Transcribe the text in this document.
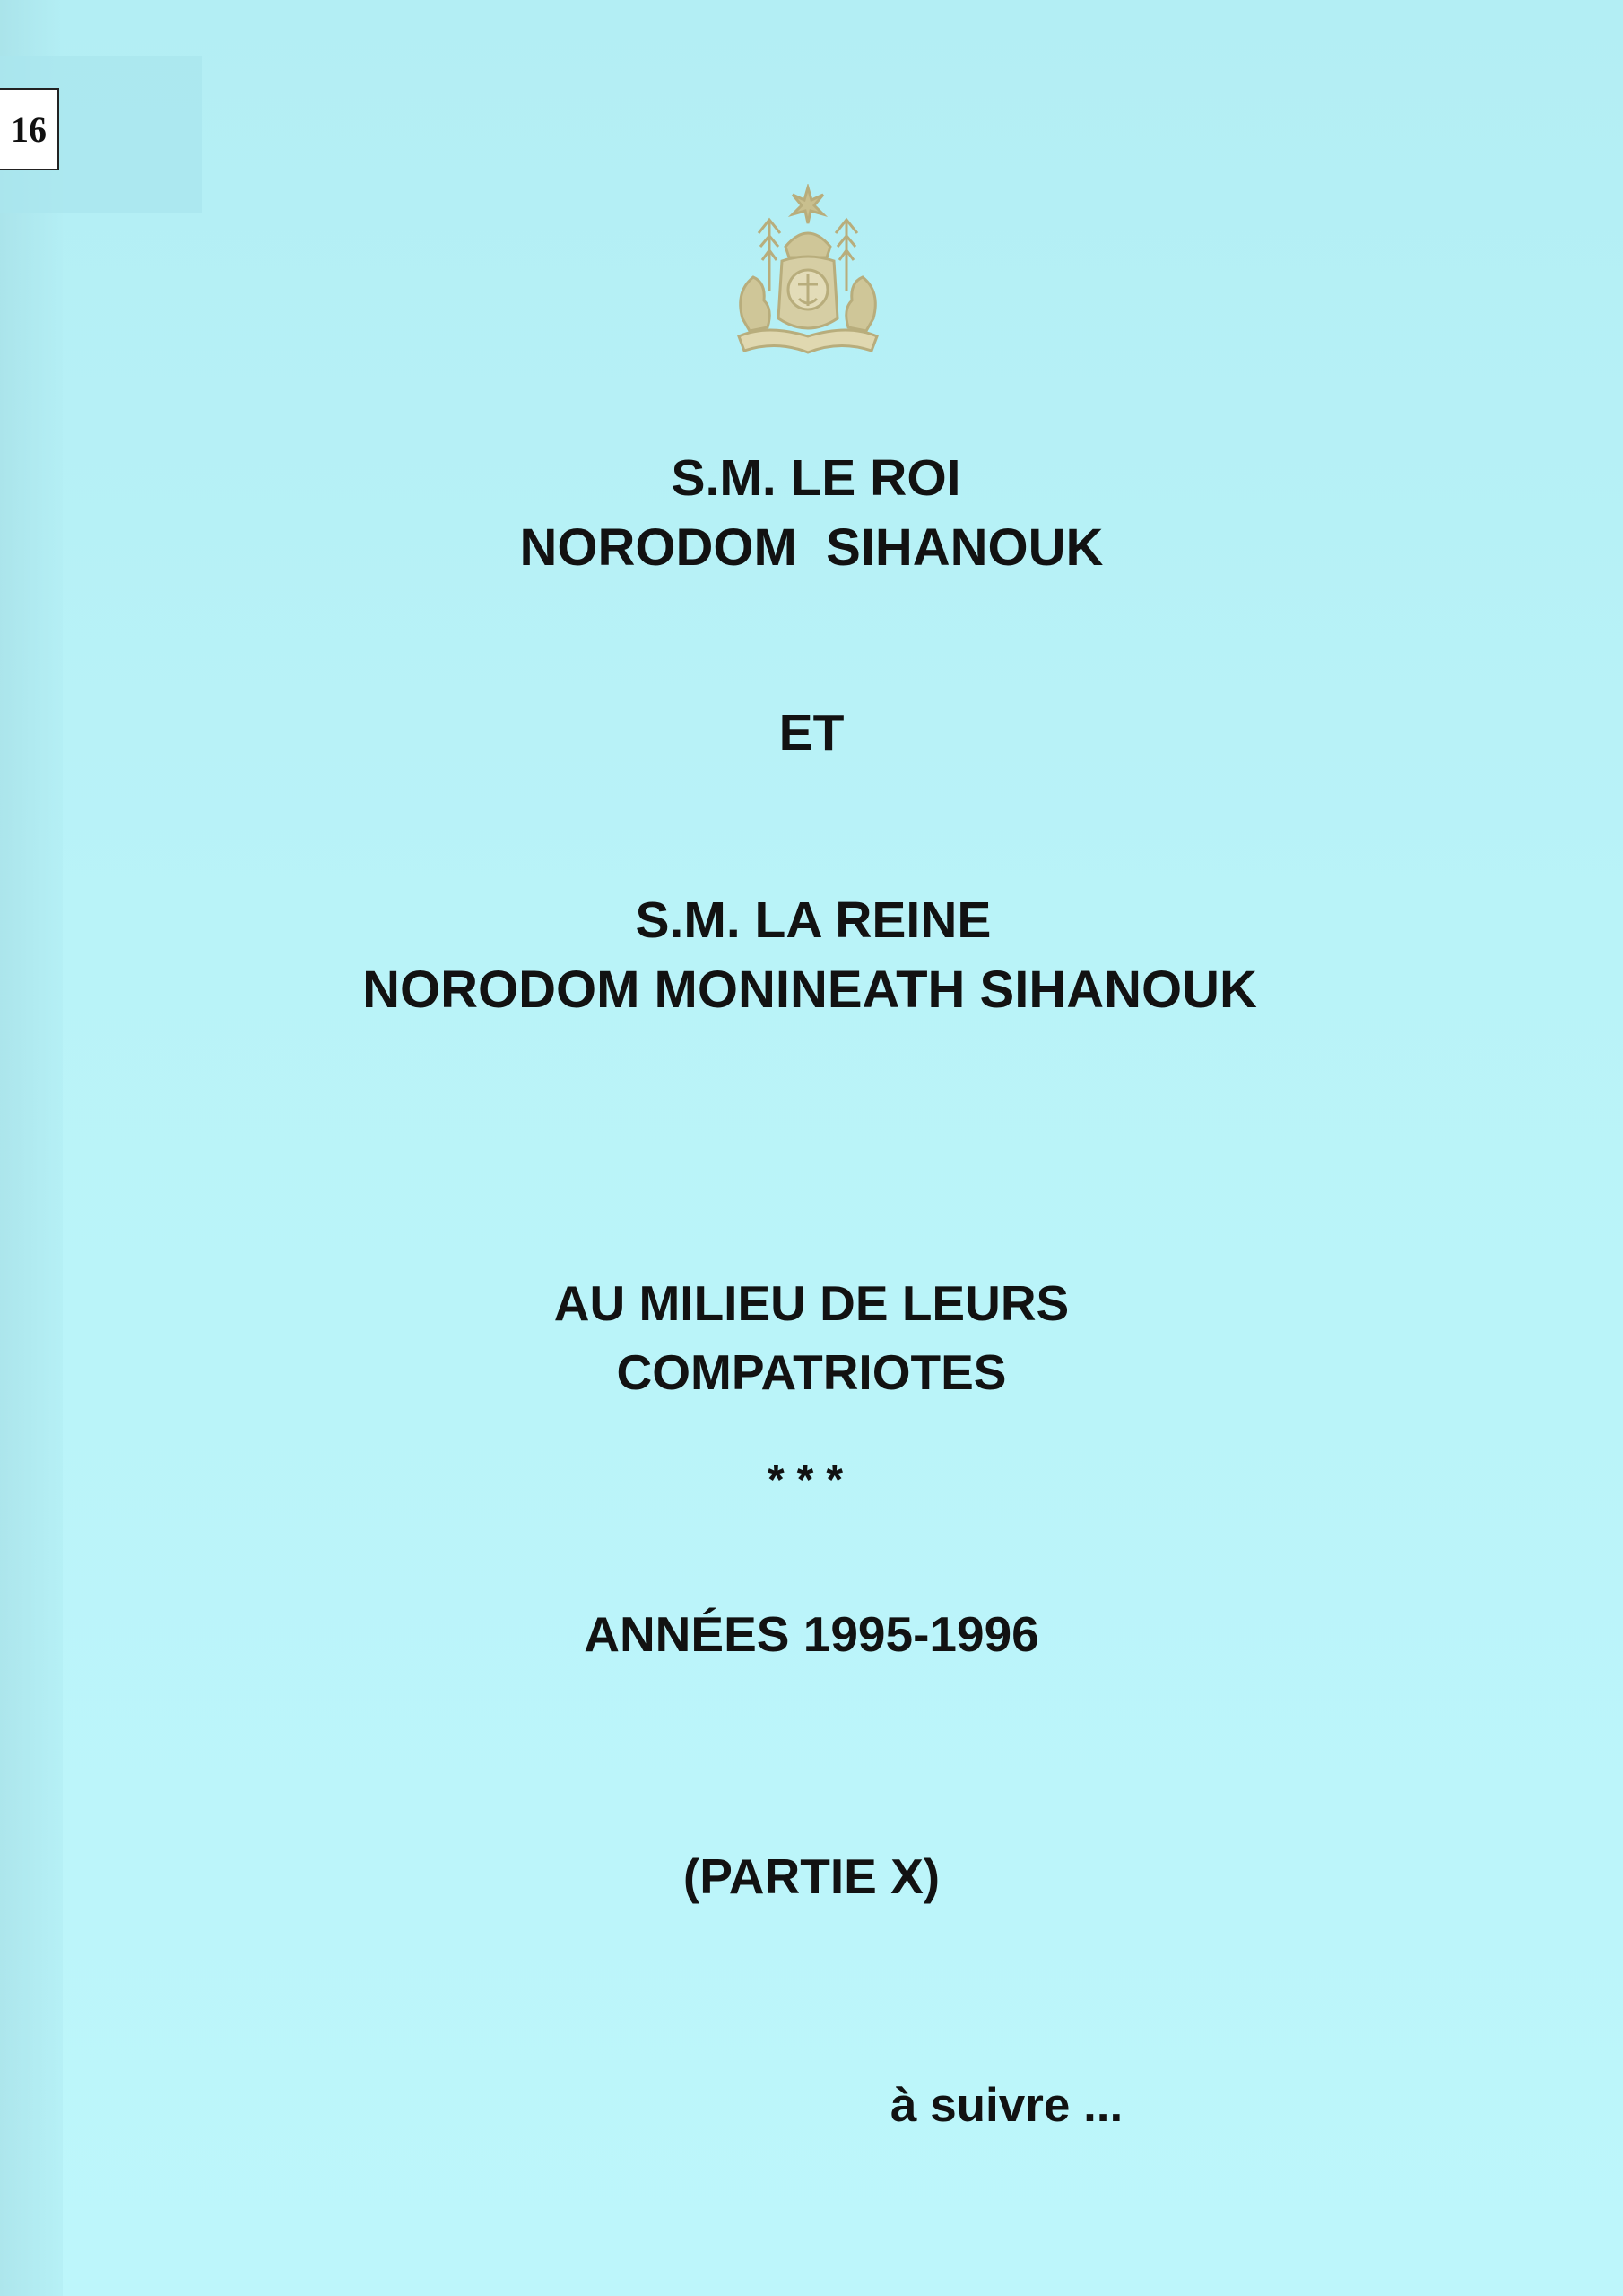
16
S.M. LE ROI
NORODOM  SIHANOUK
ET
S.M. LA REINE
NORODOM MONINEATH SIHANOUK
AU MILIEU DE LEURS
COMPATRIOTES
***
ANNÉES 1995-1996
(PARTIE X)
à suivre ...
